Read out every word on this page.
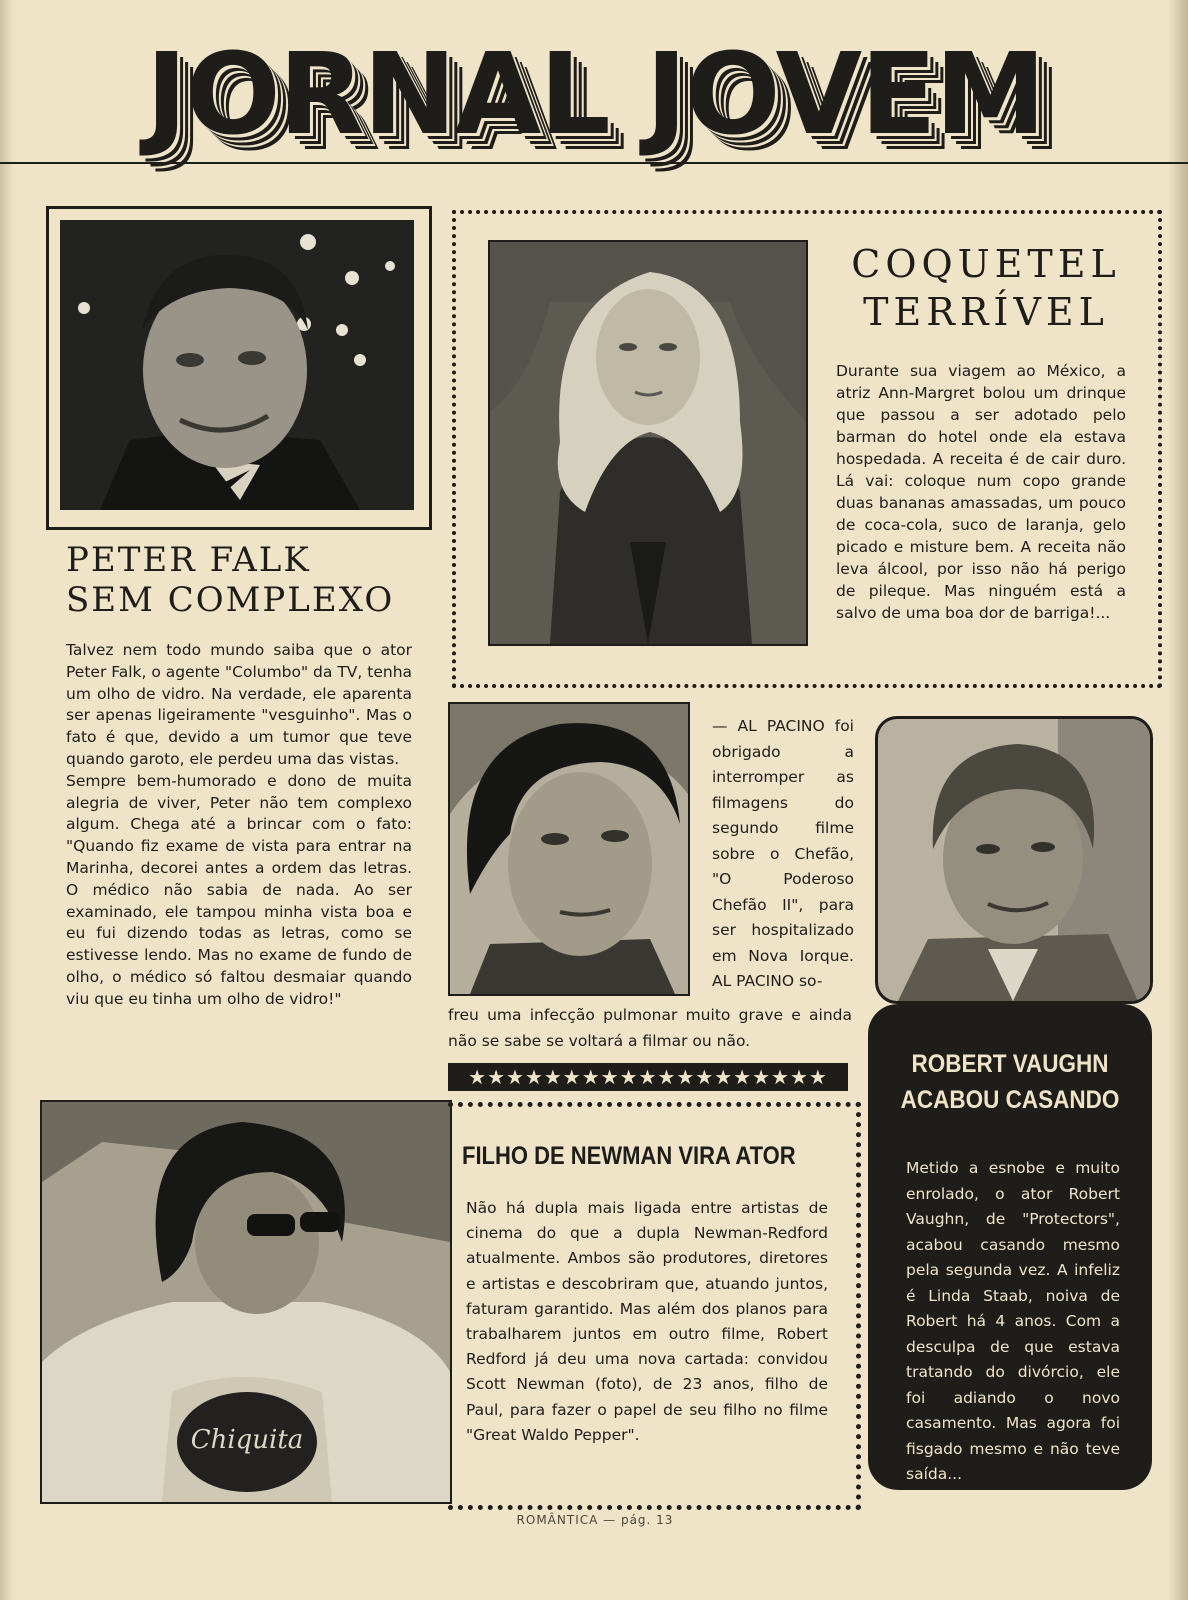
JORNAL JOVEM
PETER FALK
SEM COMPLEXO

Talvez nem todo mundo saiba que o ator Peter Falk, o agente "Columbo" da TV, tenha um olho de vidro. Na verdade, ele aparenta ser apenas ligeiramente "vesguinho". Mas o fato é que, devido a um tumor que teve quando garoto, ele perdeu uma das vistas.

Sempre bem-humorado e dono de muita alegria de viver, Peter não tem complexo algum. Chega até a brincar com o fato: "Quando fiz exame de vista para entrar na Marinha, decorei antes a ordem das letras. O médico não sabia de nada. Ao ser examinado, ele tampou minha vista boa e eu fui dizendo todas as letras, como se estivesse lendo. Mas no exame de fundo de olho, o médico só faltou desmaiar quando viu que eu tinha um olho de vidro!"

COQUETEL
TERRÍVEL
Durante sua viagem ao México, a atriz Ann-Margret bolou um drinque que passou a ser adotado pelo barman do hotel onde ela estava hospedada. A receita é de cair duro. Lá vai: coloque num copo grande duas bananas amassadas, um pouco de coca-cola, suco de laranja, gelo picado e misture bem. A receita não leva álcool, por isso não há perigo de pileque. Mas ninguém está a salvo de uma boa dor de barriga!...
— AL PACINO foi obrigado a interromper as filmagens do segundo filme sobre o Chefão, "O Poderoso Chefão II", para ser hospitalizado em Nova Iorque. AL PACINO so-
freu uma infecção pulmonar muito grave e ainda não se sabe se voltará a filmar ou não.
★★★★★★★★★★★★★★★★★★★	ROBERT VAUGHN
ACABOU CASANDO
Metido a esnobe e muito enrolado, o ator Robert Vaughn, de "Protectors", acabou casando mesmo pela segunda vez. A infeliz é Linda Staab, noiva de Robert há 4 anos. Com a desculpa de que estava tratando do divórcio, ele foi adiando o novo casamento. Mas agora foi fisgado mesmo e não teve saída...
Chiquita
FILHO DE NEWMAN VIRA ATOR
Não há dupla mais ligada entre artistas de cinema do que a dupla Newman-Redford atualmente. Ambos são produtores, diretores e artistas e descobriram que, atuando juntos, faturam garantido. Mas além dos planos para trabalharem juntos em outro filme, Robert Redford já deu uma nova cartada: convidou Scott Newman (foto), de 23 anos, filho de Paul, para fazer o papel de seu filho no filme "Great Waldo Pepper".
ROMÂNTICA — pág. 13
